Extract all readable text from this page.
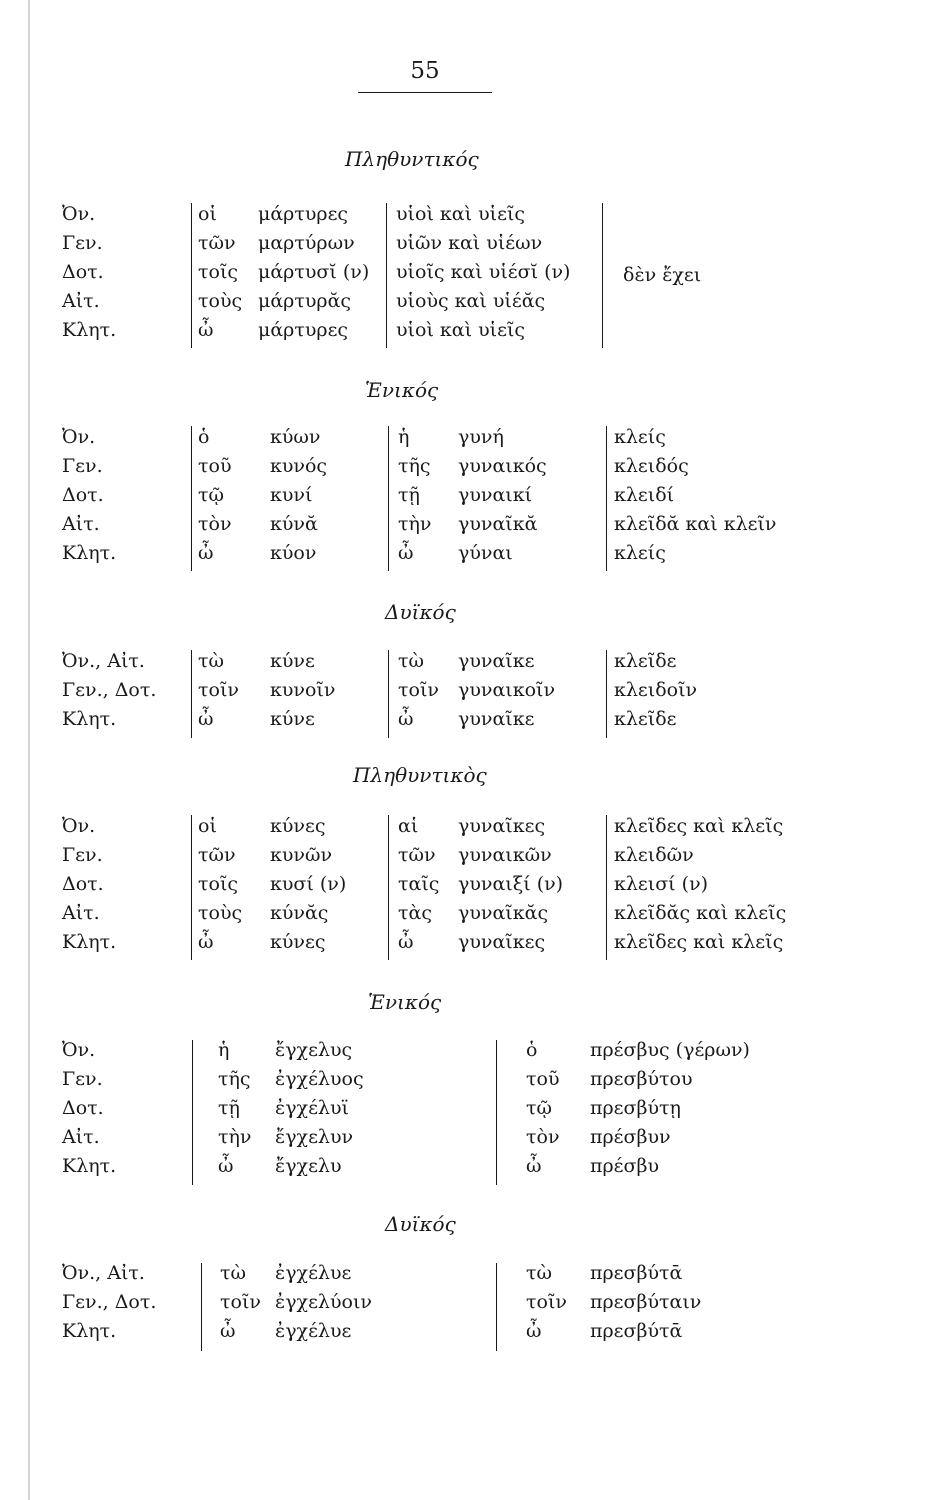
55
Πληθυντικός
Ὀν.
Γεν.
Δοτ.
Αἰτ.
Κλητ.
οἱ
τῶν
τοῖς
τοὺς
ὦ
μάρτυρες
μαρτύρων
μάρτυσῐ (ν)
μάρτυρᾰς
μάρτυρες
υἱοὶ καὶ υἱεῖς
υἱῶν καὶ υἱέων
υἱοῖς καὶ υἱέσῐ (ν)
υἱοὺς καὶ υἱέᾰς
υἱοὶ καὶ υἱεῖς
δὲν ἔχει
Ἑνικός
Ὀν.
Γεν.
Δοτ.
Αἰτ.
Κλητ.
ὁ
τοῦ
τῷ
τὸν
ὦ
κύων
κυνός
κυνί
κύνᾰ
κύον
ἡ
τῆς
τῇ
τὴν
ὦ
γυνή
γυναικός
γυναικί
γυναῖκᾰ
γύναι
κλείς
κλειδός
κλειδί
κλεῖδᾰ καὶ κλεῖν
κλείς
Δυϊκός
Ὀν., Αἰτ.
Γεν., Δοτ.
Κλητ.
τὼ
τοῖν
ὦ
κύνε
κυνοῖν
κύνε
τὼ
τοῖν
ὦ
γυναῖκε
γυναικοῖν
γυναῖκε
κλεῖδε
κλειδοῖν
κλεῖδε
Πληθυντικὸς
Ὀν.
Γεν.
Δοτ.
Αἰτ.
Κλητ.
οἱ
τῶν
τοῖς
τοὺς
ὦ
κύνες
κυνῶν
κυσί (ν)
κύνᾰς
κύνες
αἱ
τῶν
ταῖς
τὰς
ὦ
γυναῖκες
γυναικῶν
γυναιξί (ν)
γυναῖκᾰς
γυναῖκες
κλεῖδες καὶ κλεῖς
κλειδῶν
κλεισί (ν)
κλεῖδᾰς καὶ κλεῖς
κλεῖδες καὶ κλεῖς
Ἑνικός
Ὀν.
Γεν.
Δοτ.
Αἰτ.
Κλητ.
ἡ
τῆς
τῇ
τὴν
ὦ
ἔγχελυς
ἐγχέλυος
ἐγχέλυϊ
ἔγχελυν
ἔγχελυ
ὁ
τοῦ
τῷ
τὸν
ὦ
πρέσβυς (γέρων)
πρεσβύτου
πρεσβύτῃ
πρέσβυν
πρέσβυ
Δυϊκός
Ὀν., Αἰτ.
Γεν., Δοτ.
Κλητ.
τὼ
τοῖν
ὦ
ἐγχέλυε
ἐγχελύοιν
ἐγχέλυε
τὼ
τοῖν
ὦ
πρεσβύτᾱ
πρεσβύταιν
πρεσβύτᾱ
